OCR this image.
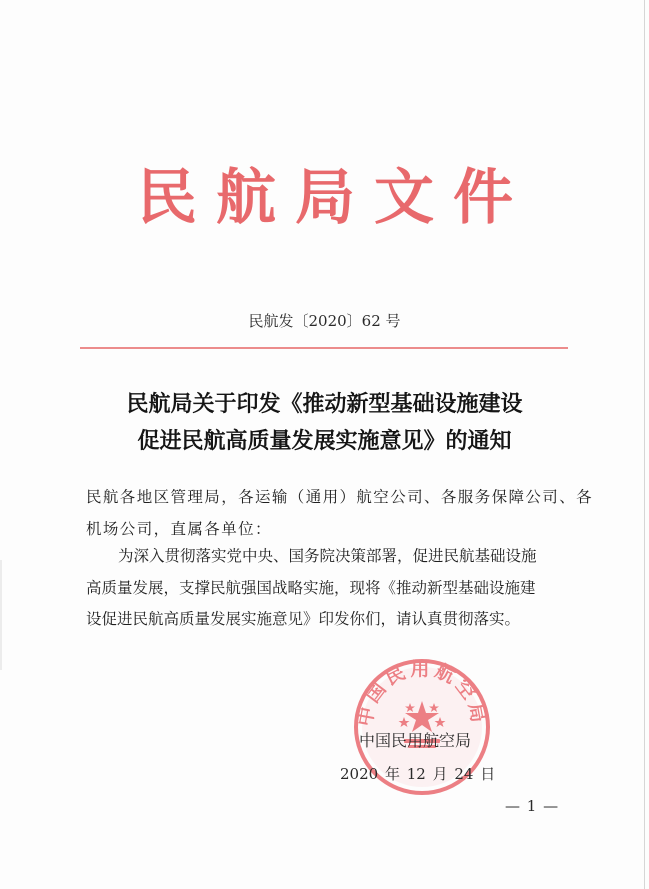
民航局文件
民航发〔2020〕62 号
民航局关于印发《推动新型基础设施建设
促进民航高质量发展实施意见》的通知
民航各地区管理局，各运输（通用）航空公司、各服务保障公司、各
机场公司，直属各单位：
为深入贯彻落实党中央、国务院决策部署，促进民航基础设施
高质量发展，支撑民航强国战略实施，现将《推动新型基础设施建
设促进民航高质量发展实施意见》印发你们，请认真贯彻落实。
中国民用航空局
中国民用航空局
2020 年 12 月 24 日
— 1 —
